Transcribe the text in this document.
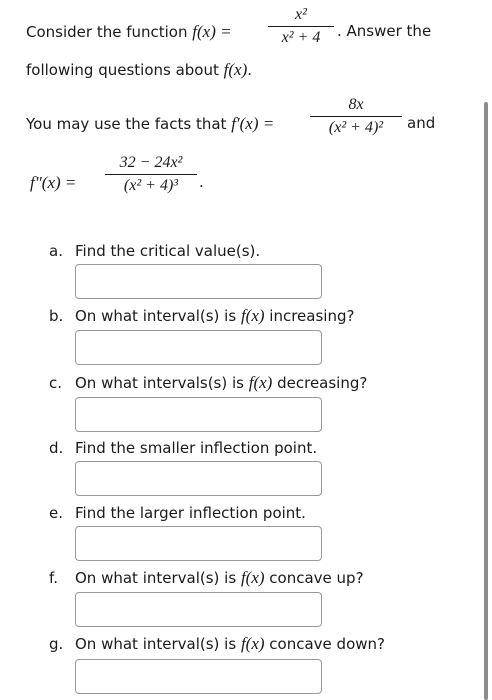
Consider the function f(x) =
x²
x² + 4	. Answer the
following questions about f(x).
You may use the facts that f′(x) =
8x
(x² + 4)²	and
f″(x) =
32 − 24x²
(x² + 4)³	.
a. Find the critical value(s).
b. On what interval(s) is f(x) increasing?
c. On what intervals(s) is f(x) decreasing?
d. Find the smaller inflection point.
e. Find the larger inflection point.
f. On what interval(s) is f(x) concave up?
g. On what interval(s) is f(x) concave down?
